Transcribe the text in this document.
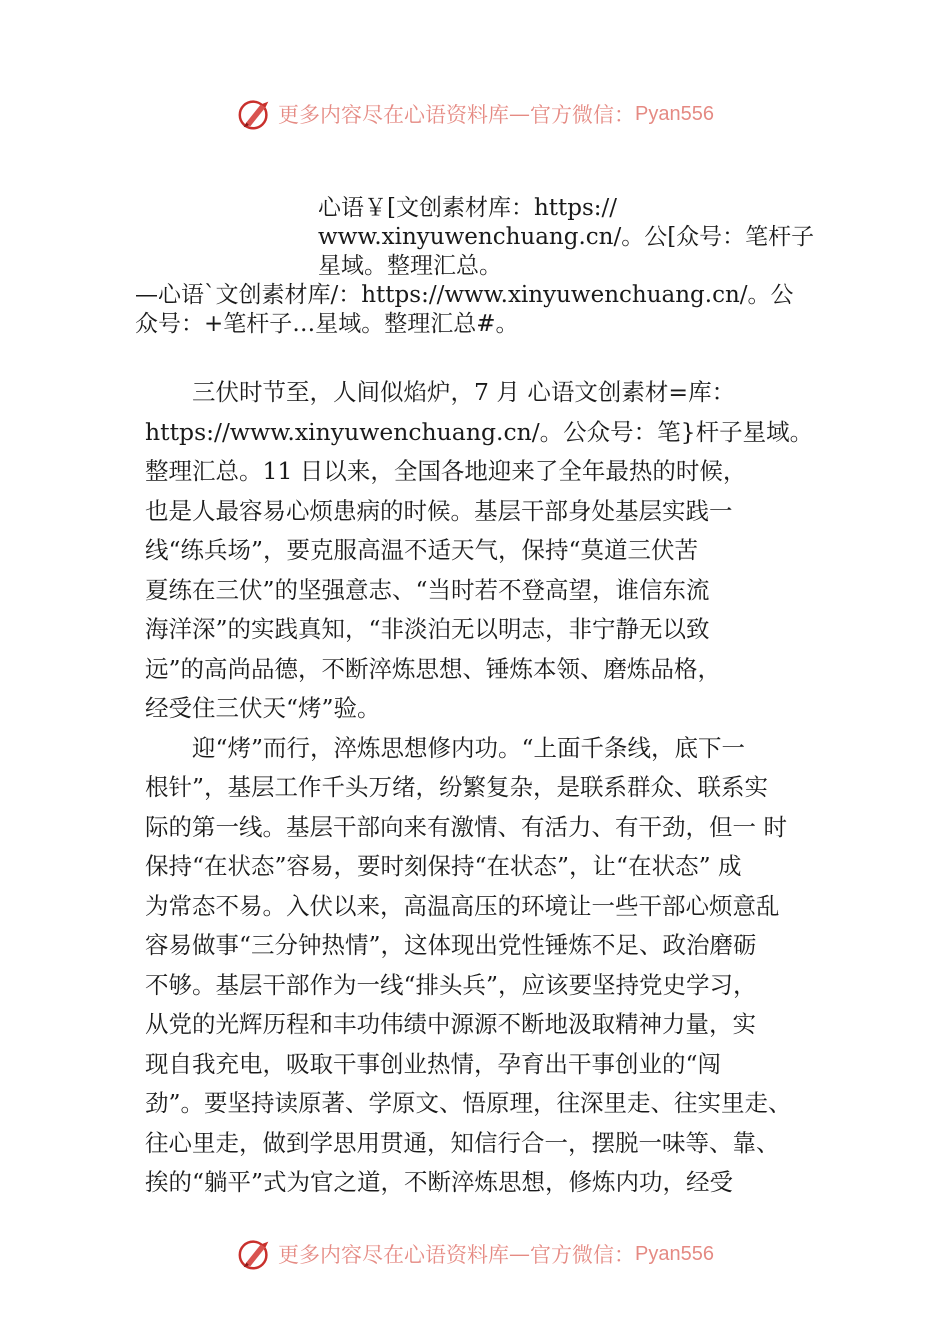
更多内容尽在心语资料库 — 官方微信： Pyan556
心语￥[文创素材库：https://
www.xinyuwenchuang.cn/。公[众号：笔杆子
星域。整理汇总。
—心语`文创素材库/：https://www.xinyuwenchuang.cn/。公
众号：+笔杆子…星域。整理汇总#。
　　三伏时节至，人间似焰炉，7 月 心语文创素材=库：
https://www.xinyuwenchuang.cn/。公众号：笔}杆子星域。
整理汇总。11 日以来，全国各地迎来了全年最热的时候，
也是人最容易心烦患病的时候。基层干部身处基层实践一
线“练兵场”，要克服高温不适天气，保持“莫道三伏苦
夏练在三伏”的坚强意志、“当时若不登高望，谁信东流
海洋深”的实践真知，“非淡泊无以明志，非宁静无以致
远”的高尚品德，不断淬炼思想、锤炼本领、磨炼品格，
经受住三伏天“烤”验。
　　迎“烤”而行，淬炼思想修内功。“上面千条线，底下一
根针”，基层工作千头万绪，纷繁复杂，是联系群众、联系实
际的第一线。基层干部向来有激情、有活力、有干劲，但一 时
保持“在状态”容易，要时刻保持“在状态”，让“在状态” 成
为常态不易。入伏以来，高温高压的环境让一些干部心烦意乱
容易做事“三分钟热情”，这体现出党性锤炼不足、政治磨砺
不够。基层干部作为一线“排头兵”，应该要坚持党史学习，
从党的光辉历程和丰功伟绩中源源不断地汲取精神力量，实
现自我充电，吸取干事创业热情，孕育出干事创业的“闯
劲”。要坚持读原著、学原文、悟原理，往深里走、往实里走、
往心里走，做到学思用贯通，知信行合一，摆脱一味等、靠、
挨的“躺平”式为官之道，不断淬炼思想，修炼内功，经受
更多内容尽在心语资料库 — 官方微信： Pyan556
